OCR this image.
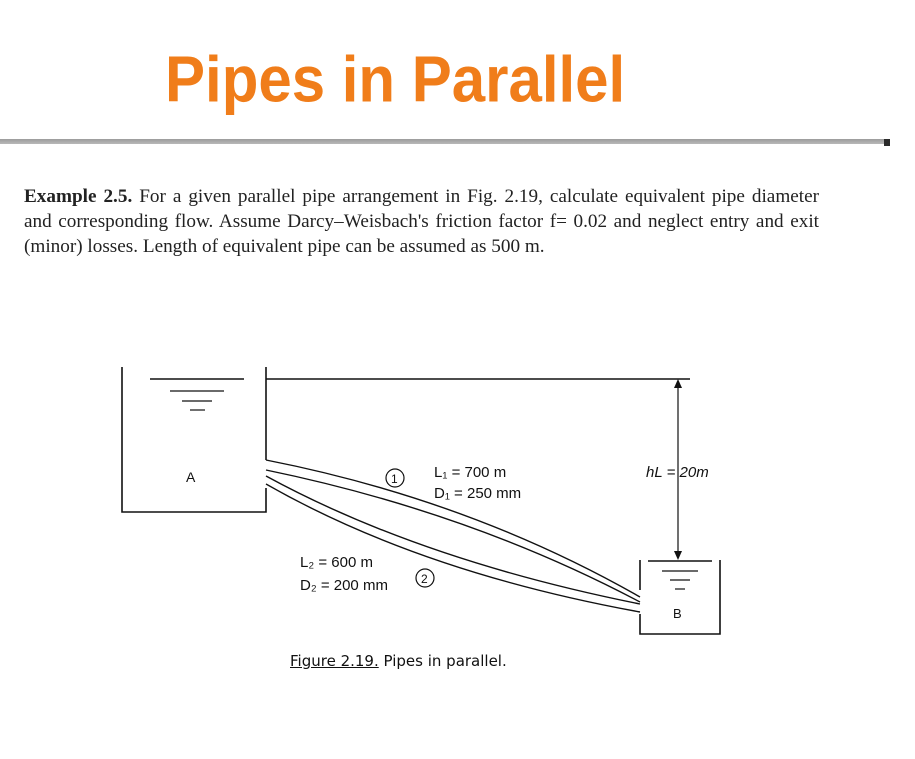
Pipes in Parallel
Example 2.5. For a given parallel pipe arrangement in Fig. 2.19, calculate equivalent pipe diameter and corresponding flow. Assume Darcy–Weisbach's friction factor f= 0.02 and neglect entry and exit (minor) losses. Length of equivalent pipe can be assumed as 500 m.
A
B
1
2
L₁ = 700 m
D₁ = 250 mm
L₂ = 600 m
D₂ = 200 mm
hL = 20m
Figure 2.19. Pipes in parallel.
